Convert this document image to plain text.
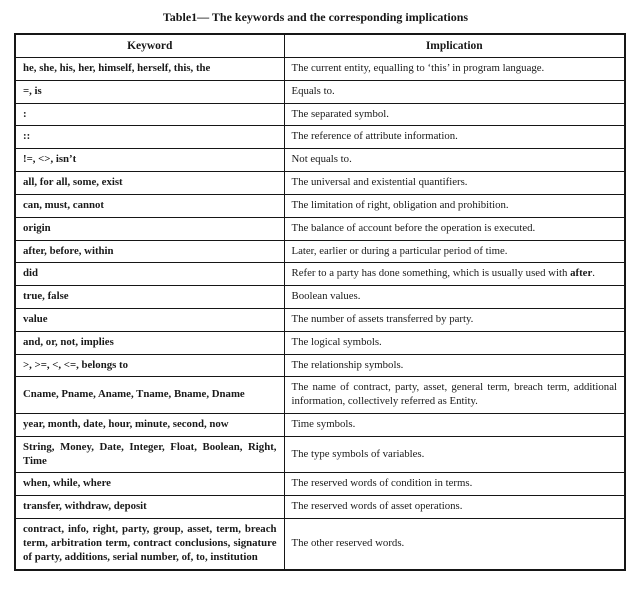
Table1— The keywords and the corresponding implications
Keyword	Implication
he, she, his, her, himself, herself, this, the	The current entity, equalling to ‘this’ in program language.
=, is	Equals to.
:	The separated symbol.
::	The reference of attribute information.
!=, <>, isn’t	Not equals to.
all, for all, some, exist	The universal and existential quantifiers.
can, must, cannot	The limitation of right, obligation and prohibition.
origin	The balance of account before the operation is executed.
after, before, within	Later, earlier or during a particular period of time.
did	Refer to a party has done something, which is usually used with after.
true, false	Boolean values.
value	The number of assets transferred by party.
and, or, not, implies	The logical symbols.
>, >=, <, <=, belongs to	The relationship symbols.
Cname, Pname, Aname, Tname, Bname, Dname	The name of contract, party, asset, general term, breach term, additional information, collectively referred as Entity.
year, month, date, hour, minute, second, now	Time symbols.
String, Money, Date, Integer, Float, Boolean, Right, Time	The type symbols of variables.
when, while, where	The reserved words of condition in terms.
transfer, withdraw, deposit	The reserved words of asset operations.
contract, info, right, party, group, asset, term, breach term, arbitration term, contract conclusions, signature of party, additions, serial number, of, to, institution	The other reserved words.
